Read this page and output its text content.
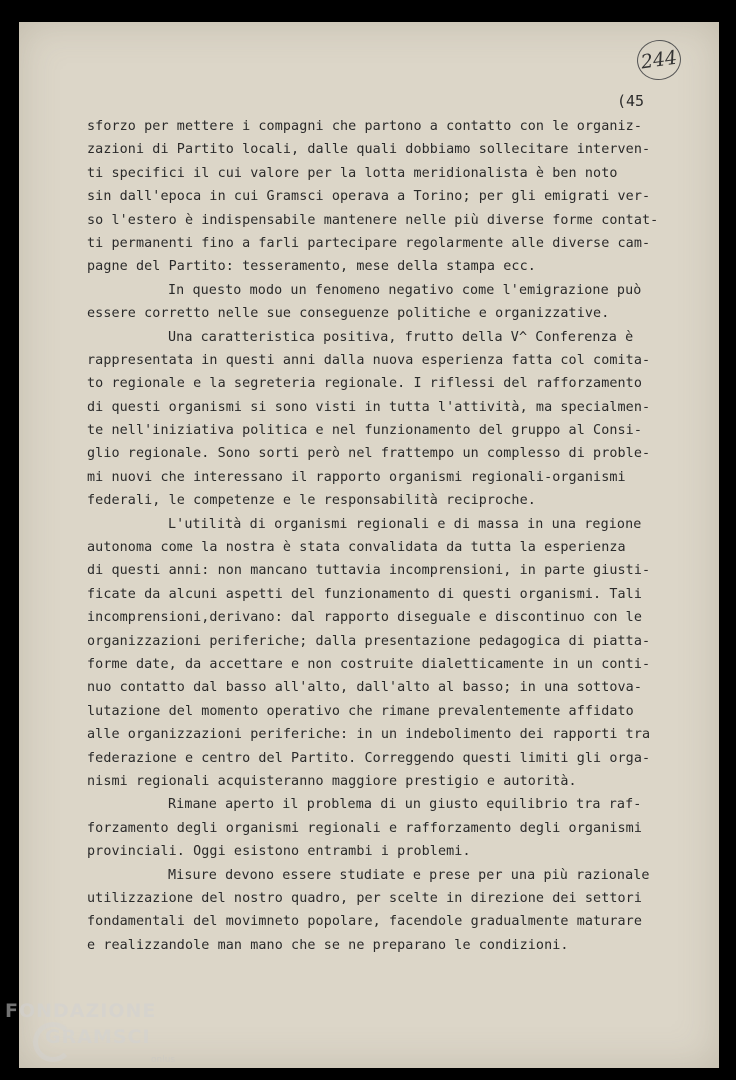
244
(45
sforzo per mettere i compagni che partono a contatto con le organiz-
zazioni di Partito locali, dalle quali dobbiamo sollecitare interven-
ti specifici il cui valore per la lotta meridionalista è ben noto
sin dall'epoca in cui Gramsci operava a Torino; per gli emigrati ver-
so l'estero è indispensabile mantenere nelle più diverse forme contat-
ti permanenti fino a farli partecipare regolarmente alle diverse cam-
pagne del Partito: tesseramento, mese della stampa ecc.
In questo modo un fenomeno negativo come l'emigrazione può
essere corretto nelle sue conseguenze politiche e organizzative.
Una caratteristica positiva, frutto della V^ Conferenza è
rappresentata in questi anni dalla nuova esperienza fatta col comita-
to regionale e la segreteria regionale. I riflessi del rafforzamento
di questi organismi si sono visti in tutta l'attività, ma specialmen-
te nell'iniziativa politica e nel funzionamento del gruppo al Consi-
glio regionale. Sono sorti però nel frattempo un complesso di proble-
mi nuovi che interessano il rapporto organismi regionali-organismi
federali, le competenze e le responsabilità reciproche.
L'utilità di organismi regionali e di massa in una regione
autonoma come la nostra è stata convalidata da tutta la esperienza
di questi anni: non mancano tuttavia incomprensioni, in parte giusti-
ficate da alcuni aspetti del funzionamento di questi organismi. Tali
incomprensioni,derivano: dal rapporto diseguale e discontinuo con le
organizzazioni periferiche; dalla presentazione pedagogica di piatta-
forme date, da accettare e non costruite dialetticamente in un conti-
nuo contatto dal basso all'alto, dall'alto al basso; in una sottova-
lutazione del momento operativo che rimane prevalentemente affidato
alle organizzazioni periferiche: in un indebolimento dei rapporti tra
federazione e centro del Partito. Correggendo questi limiti gli orga-
nismi regionali acquisteranno maggiore prestigio e autorità.
Rimane aperto il problema di un giusto equilibrio tra raf-
forzamento degli organismi regionali e rafforzamento degli organismi
provinciali. Oggi esistono entrambi i problemi.
Misure devono essere studiate e prese per una più razionale
utilizzazione del nostro quadro, per scelte in direzione dei settori
fondamentali del movimneto popolare, facendole gradualmente maturare
e realizzandole man mano che se ne preparano le condizioni.
FONDAZIONE
GRAMSCI
onlus
